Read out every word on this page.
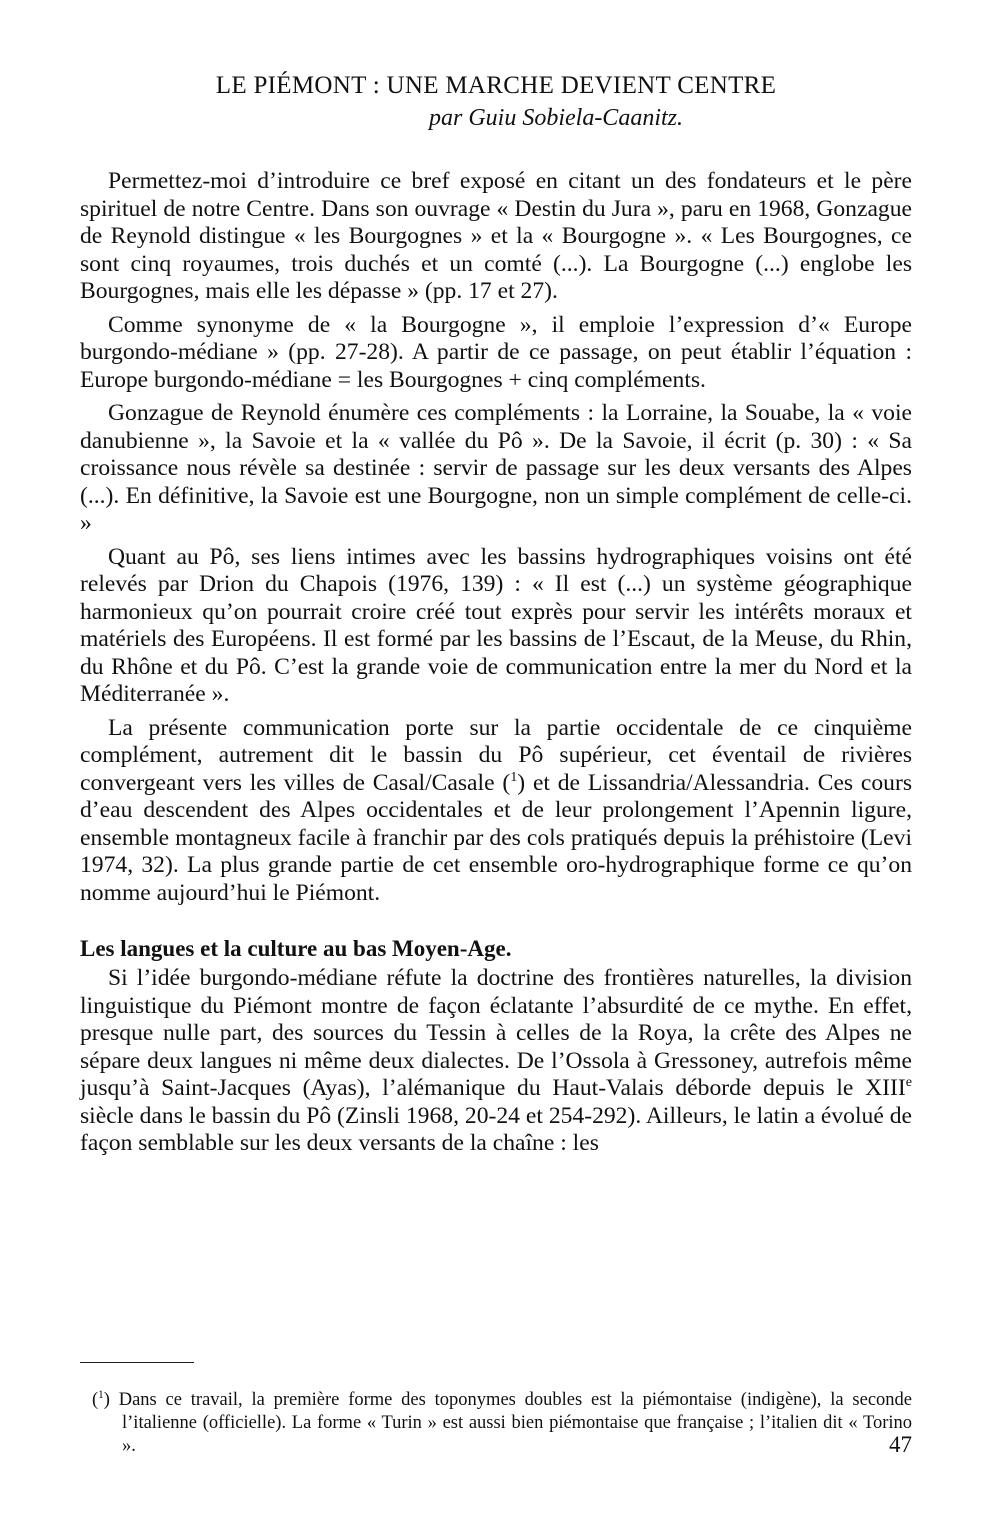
LE PIÉMONT : UNE MARCHE DEVIENT CENTRE

par Guiu Sobiela-Caanitz.

Permettez-moi d’introduire ce bref exposé en citant un des fondateurs et le père spirituel de notre Centre. Dans son ouvrage « Destin du Jura », paru en 1968, Gonzague de Reynold distingue « les Bourgognes » et la « Bourgogne ». « Les Bourgognes, ce sont cinq royaumes, trois duchés et un comté (...). La Bourgogne (...) englobe les Bourgognes, mais elle les dépasse » (pp. 17 et 27).

Comme synonyme de « la Bourgogne », il emploie l’expression d’« Europe burgondo-médiane » (pp. 27-28). A partir de ce passage, on peut établir l’équation : Europe burgondo-médiane = les Bourgognes + cinq compléments.

Gonzague de Reynold énumère ces compléments : la Lorraine, la Souabe, la « voie danubienne », la Savoie et la « vallée du Pô ». De la Savoie, il écrit (p. 30) : « Sa croissance nous révèle sa destinée : servir de passage sur les deux versants des Alpes (...). En définitive, la Savoie est une Bourgogne, non un simple complément de celle-ci. »

Quant au Pô, ses liens intimes avec les bassins hydrographiques voisins ont été relevés par Drion du Chapois (1976, 139) : « Il est (...) un système géographique harmonieux qu’on pourrait croire créé tout exprès pour servir les intérêts moraux et matériels des Européens. Il est formé par les bassins de l’Escaut, de la Meuse, du Rhin, du Rhône et du Pô. C’est la grande voie de communication entre la mer du Nord et la Méditerranée ».

La présente communication porte sur la partie occidentale de ce cinquième complément, autrement dit le bassin du Pô supérieur, cet éventail de rivières convergeant vers les villes de Casal/Casale ($^1$) et de Lissandria/Alessandria. Ces cours d’eau descendent des Alpes occidentales et de leur prolongement l’Apennin ligure, ensemble montagneux facile à franchir par des cols pratiqués depuis la préhistoire (Levi 1974, 32). La plus grande partie de cet ensemble oro-hydrographique forme ce qu’on nomme aujourd’hui le Piémont.

Les langues et la culture au bas Moyen-Age.

Si l’idée burgondo-médiane réfute la doctrine des frontières naturelles, la division linguistique du Piémont montre de façon éclatante l’absurdité de ce mythe. En effet, presque nulle part, des sources du Tessin à celles de la Roya, la crête des Alpes ne sépare deux langues ni même deux dialectes. De l’Ossola à Gressoney, autrefois même jusqu’à Saint-Jacques (Ayas), l’alémanique du Haut-Valais déborde depuis le XIIIe siècle dans le bassin du Pô (Zinsli 1968, 20-24 et 254-292). Ailleurs, le latin a évolué de façon semblable sur les deux versants de la chaîne : les

($^1$) Dans ce travail, la première forme des toponymes doubles est la piémontaise (indigène), la seconde l’italienne (officielle). La forme « Turin » est aussi bien piémontaise que française ; l’italien dit « Torino ».	47
